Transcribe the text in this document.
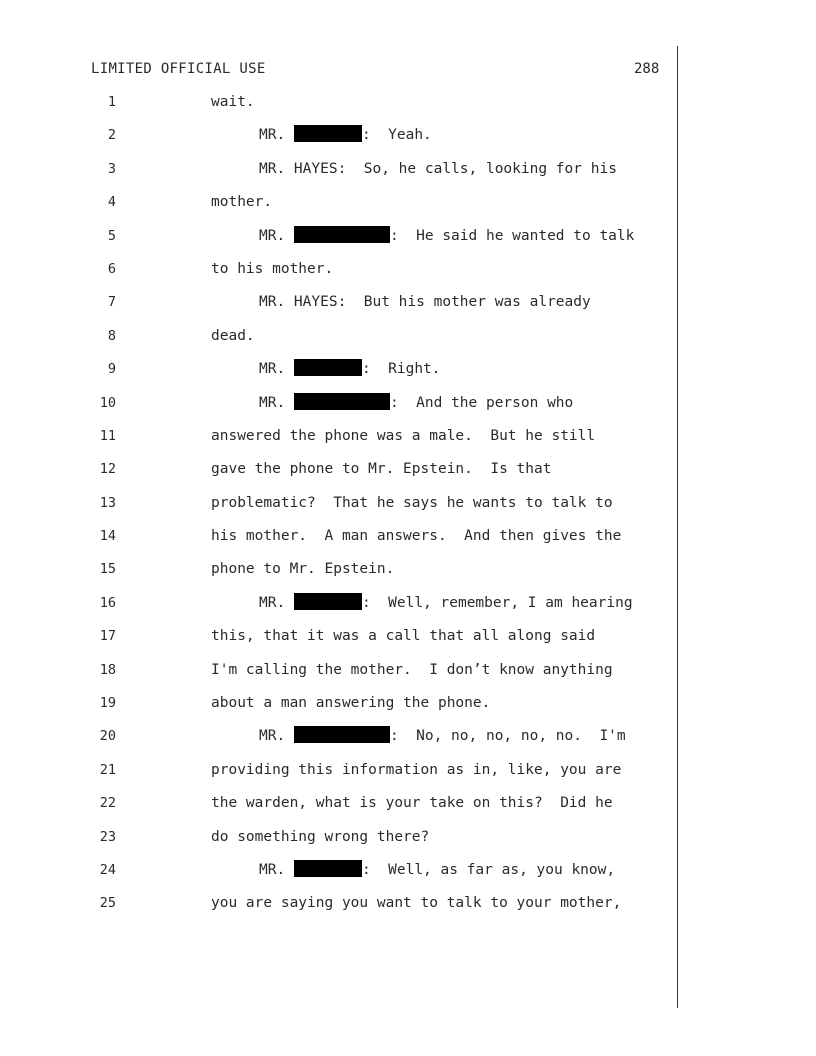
LIMITED OFFICIAL USE	288
1	wait.
2	MR.	:  Yeah.
3	MR. HAYES:  So, he calls, looking for his
4	mother.
5	MR.	:  He said he wanted to talk
6	to his mother.
7	MR. HAYES:  But his mother was already
8	dead.
9	MR.	:  Right.
10	MR.	:  And the person who
11	answered the phone was a male.  But he still
12	gave the phone to Mr. Epstein.  Is that
13	problematic?  That he says he wants to talk to
14	his mother.  A man answers.  And then gives the
15	phone to Mr. Epstein.
16	MR.	:  Well, remember, I am hearing
17	this, that it was a call that all along said
18	I'm calling the mother.  I don’t know anything
19	about a man answering the phone.
20	MR.	:  No, no, no, no, no.  I'm
21	providing this information as in, like, you are
22	the warden, what is your take on this?  Did he
23	do something wrong there?
24	MR.	:  Well, as far as, you know,
25	you are saying you want to talk to your mother,
